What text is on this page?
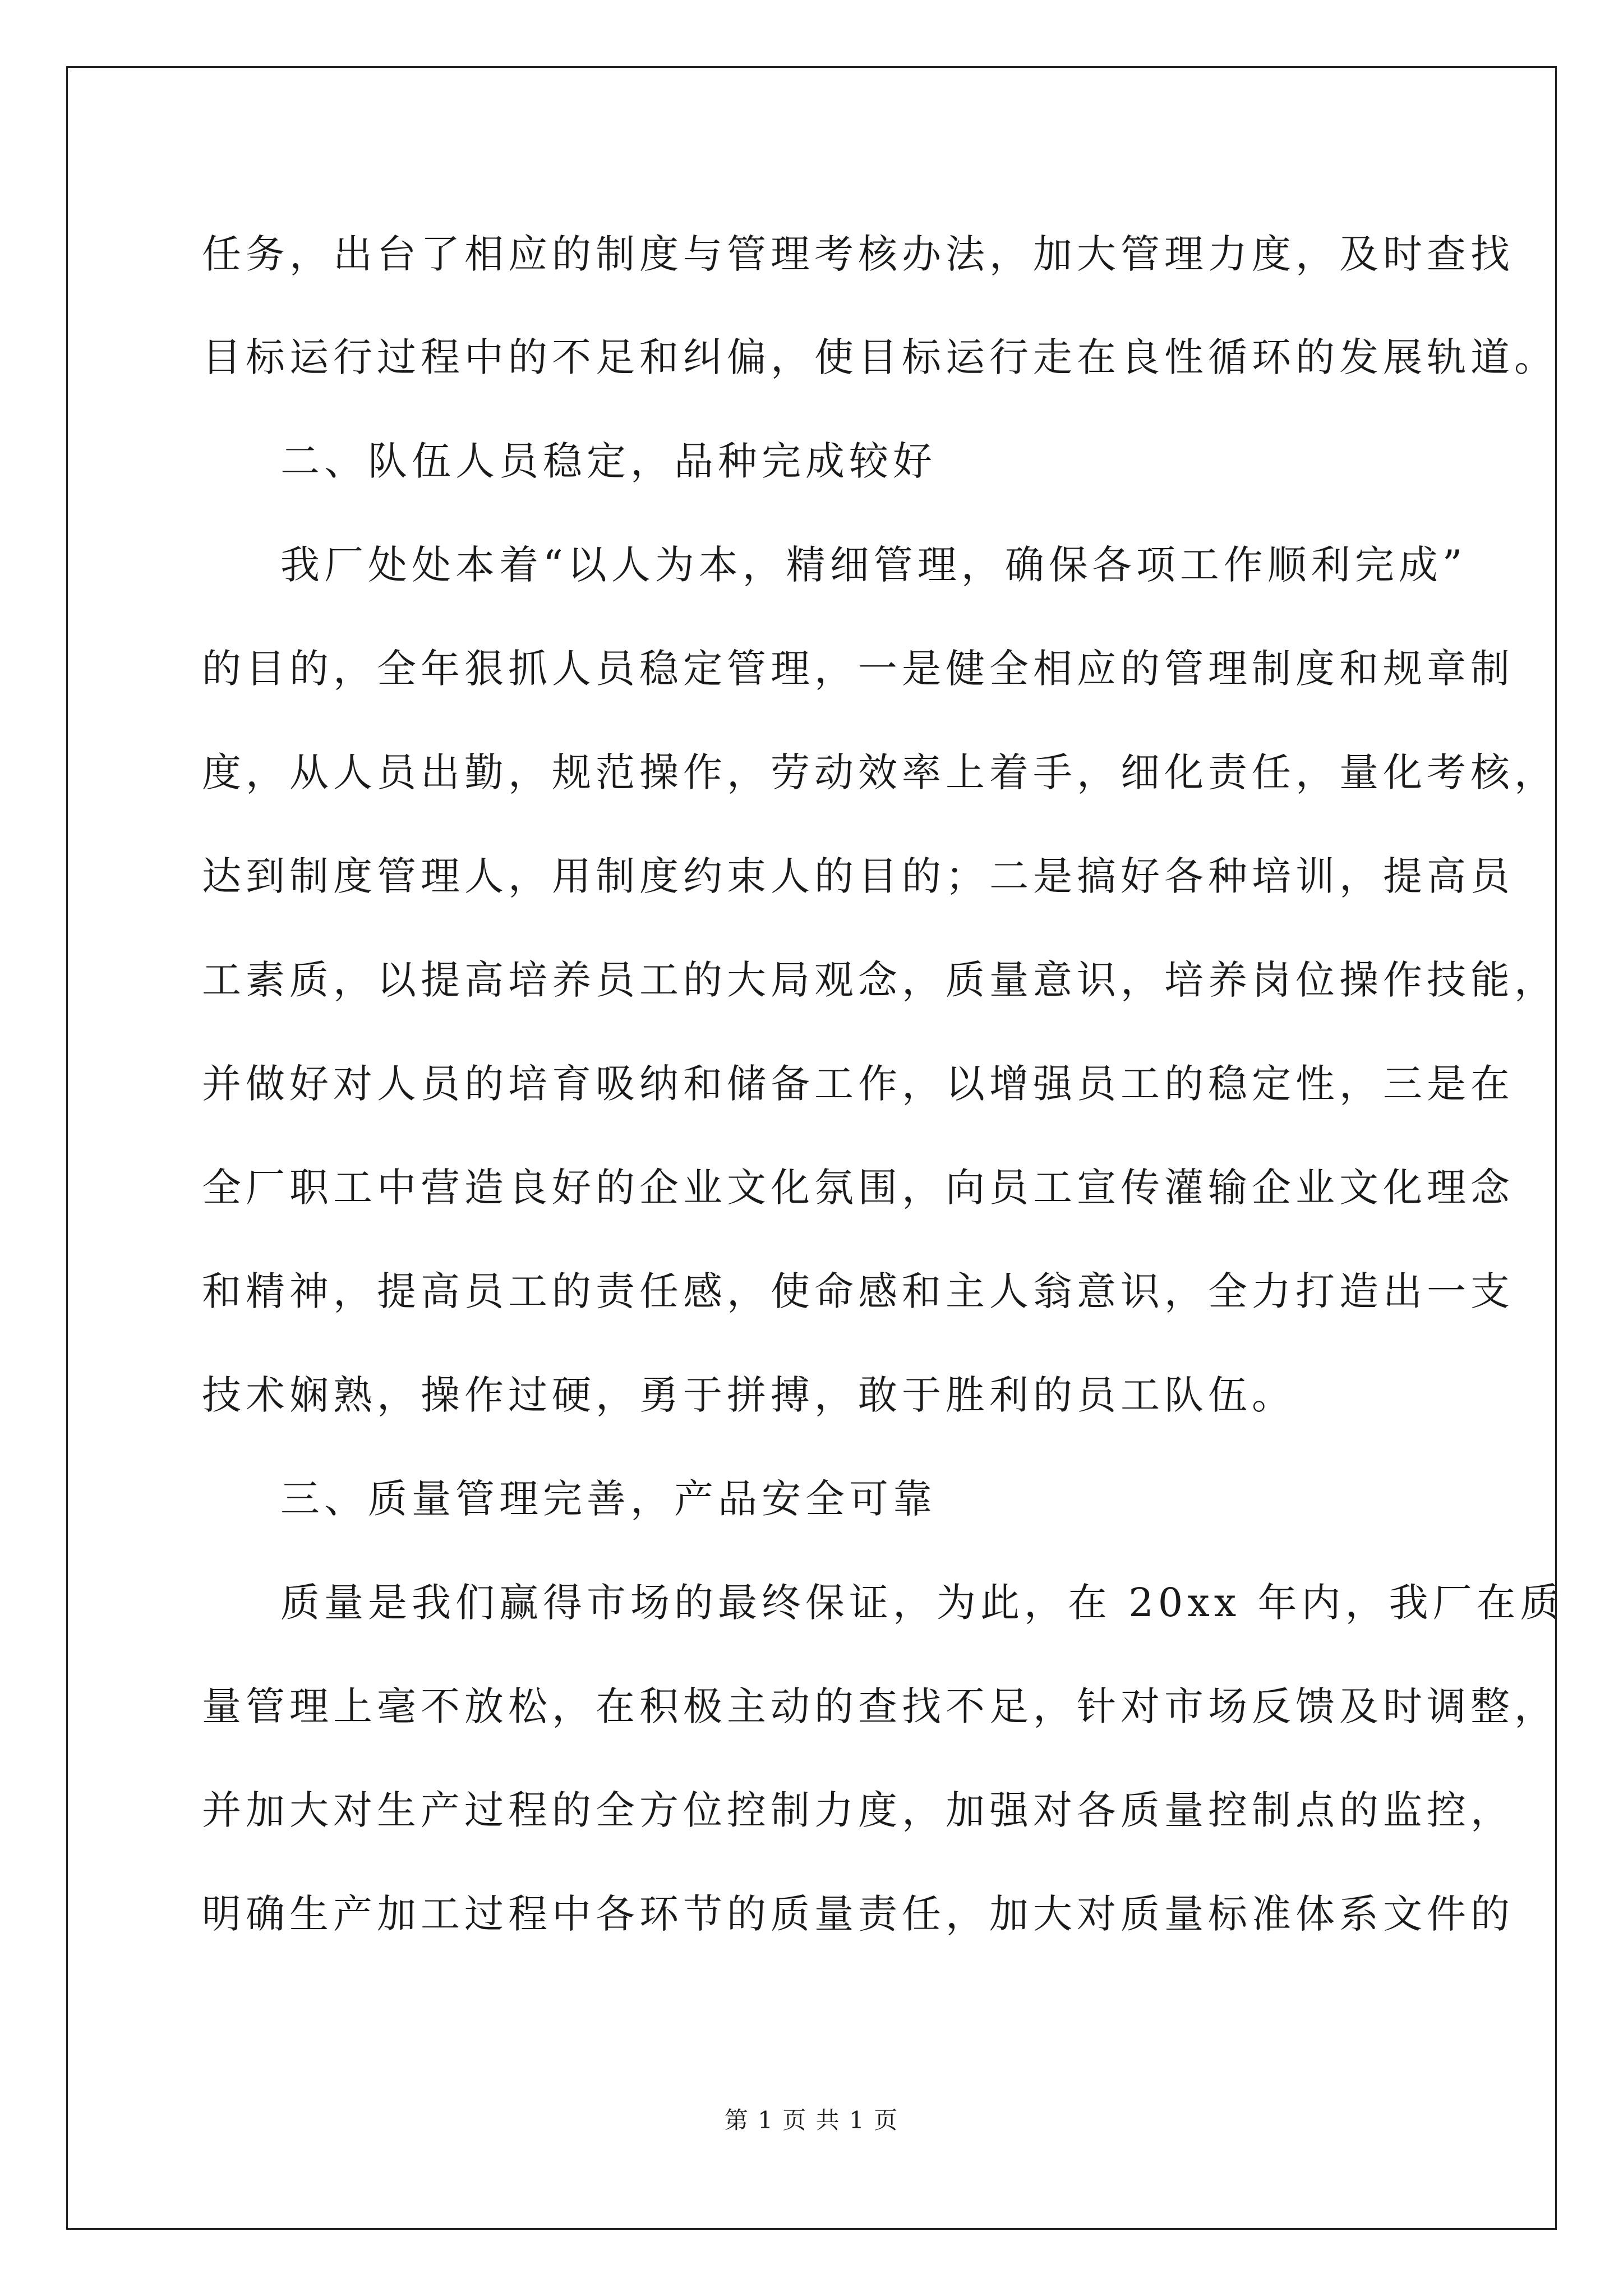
任务，出台了相应的制度与管理考核办法，加大管理力度，及时查找
目标运行过程中的不足和纠偏，使目标运行走在良性循环的发展轨道。
二、队伍人员稳定，品种完成较好
我厂处处本着“以人为本，精细管理，确保各项工作顺利完成”
的目的，全年狠抓人员稳定管理，一是健全相应的管理制度和规章制
度，从人员出勤，规范操作，劳动效率上着手，细化责任，量化考核，
达到制度管理人，用制度约束人的目的；二是搞好各种培训，提高员
工素质，以提高培养员工的大局观念，质量意识，培养岗位操作技能，
并做好对人员的培育吸纳和储备工作，以增强员工的稳定性，三是在
全厂职工中营造良好的企业文化氛围，向员工宣传灌输企业文化理念
和精神，提高员工的责任感，使命感和主人翁意识，全力打造出一支
技术娴熟，操作过硬，勇于拼搏，敢于胜利的员工队伍。
三、质量管理完善，产品安全可靠
质量是我们赢得市场的最终保证，为此，在 20xx 年内，我厂在质
量管理上毫不放松，在积极主动的查找不足，针对市场反馈及时调整，
并加大对生产过程的全方位控制力度，加强对各质量控制点的监控，
明确生产加工过程中各环节的质量责任，加大对质量标准体系文件的
第 1 页 共 1 页
